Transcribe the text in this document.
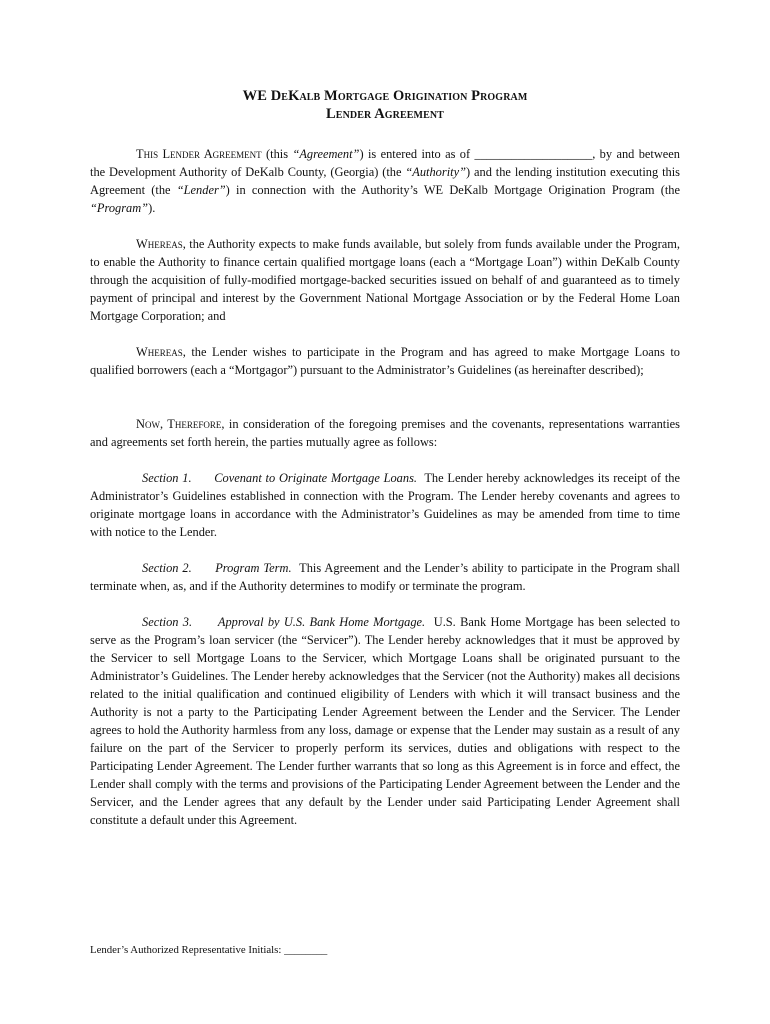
WE DeKalb Mortgage Origination Program
Lender Agreement

This Lender Agreement (this “Agreement”) is entered into as of ___________________, by and between the Development Authority of DeKalb County, (Georgia) (the “Authority”) and the lending institution executing this Agreement (the “Lender”) in connection with the Authority’s WE DeKalb Mortgage Origination Program (the “Program”).

Whereas, the Authority expects to make funds available, but solely from funds available under the Program, to enable the Authority to finance certain qualified mortgage loans (each a “Mortgage Loan”) within DeKalb County through the acquisition of fully-modified mortgage-backed securities issued on behalf of and guaranteed as to timely payment of principal and interest by the Government National Mortgage Association or by the Federal Home Loan Mortgage Corporation; and

Whereas, the Lender wishes to participate in the Program and has agreed to make Mortgage Loans to qualified borrowers (each a “Mortgagor”) pursuant to the Administrator’s Guidelines (as hereinafter described);

Now, Therefore, in consideration of the foregoing premises and the covenants, representations warranties and agreements set forth herein, the parties mutually agree as follows:

Section 1. Covenant to Originate Mortgage Loans. The Lender hereby acknowledges its receipt of the Administrator’s Guidelines established in connection with the Program. The Lender hereby covenants and agrees to originate mortgage loans in accordance with the Administrator’s Guidelines as may be amended from time to time with notice to the Lender.

Section 2. Program Term. This Agreement and the Lender’s ability to participate in the Program shall terminate when, as, and if the Authority determines to modify or terminate the program.

Section 3. Approval by U.S. Bank Home Mortgage. U.S. Bank Home Mortgage has been selected to serve as the Program’s loan servicer (the “Servicer”). The Lender hereby acknowledges that it must be approved by the Servicer to sell Mortgage Loans to the Servicer, which Mortgage Loans shall be originated pursuant to the Administrator’s Guidelines. The Lender hereby acknowledges that the Servicer (not the Authority) makes all decisions related to the initial qualification and continued eligibility of Lenders with which it will transact business and the Authority is not a party to the Participating Lender Agreement between the Lender and the Servicer. The Lender agrees to hold the Authority harmless from any loss, damage or expense that the Lender may sustain as a result of any failure on the part of the Servicer to properly perform its services, duties and obligations with respect to the Participating Lender Agreement. The Lender further warrants that so long as this Agreement is in force and effect, the Lender shall comply with the terms and provisions of the Participating Lender Agreement between the Lender and the Servicer, and the Lender agrees that any default by the Lender under said Participating Lender Agreement shall constitute a default under this Agreement.

Lender’s Authorized Representative Initials: ________
